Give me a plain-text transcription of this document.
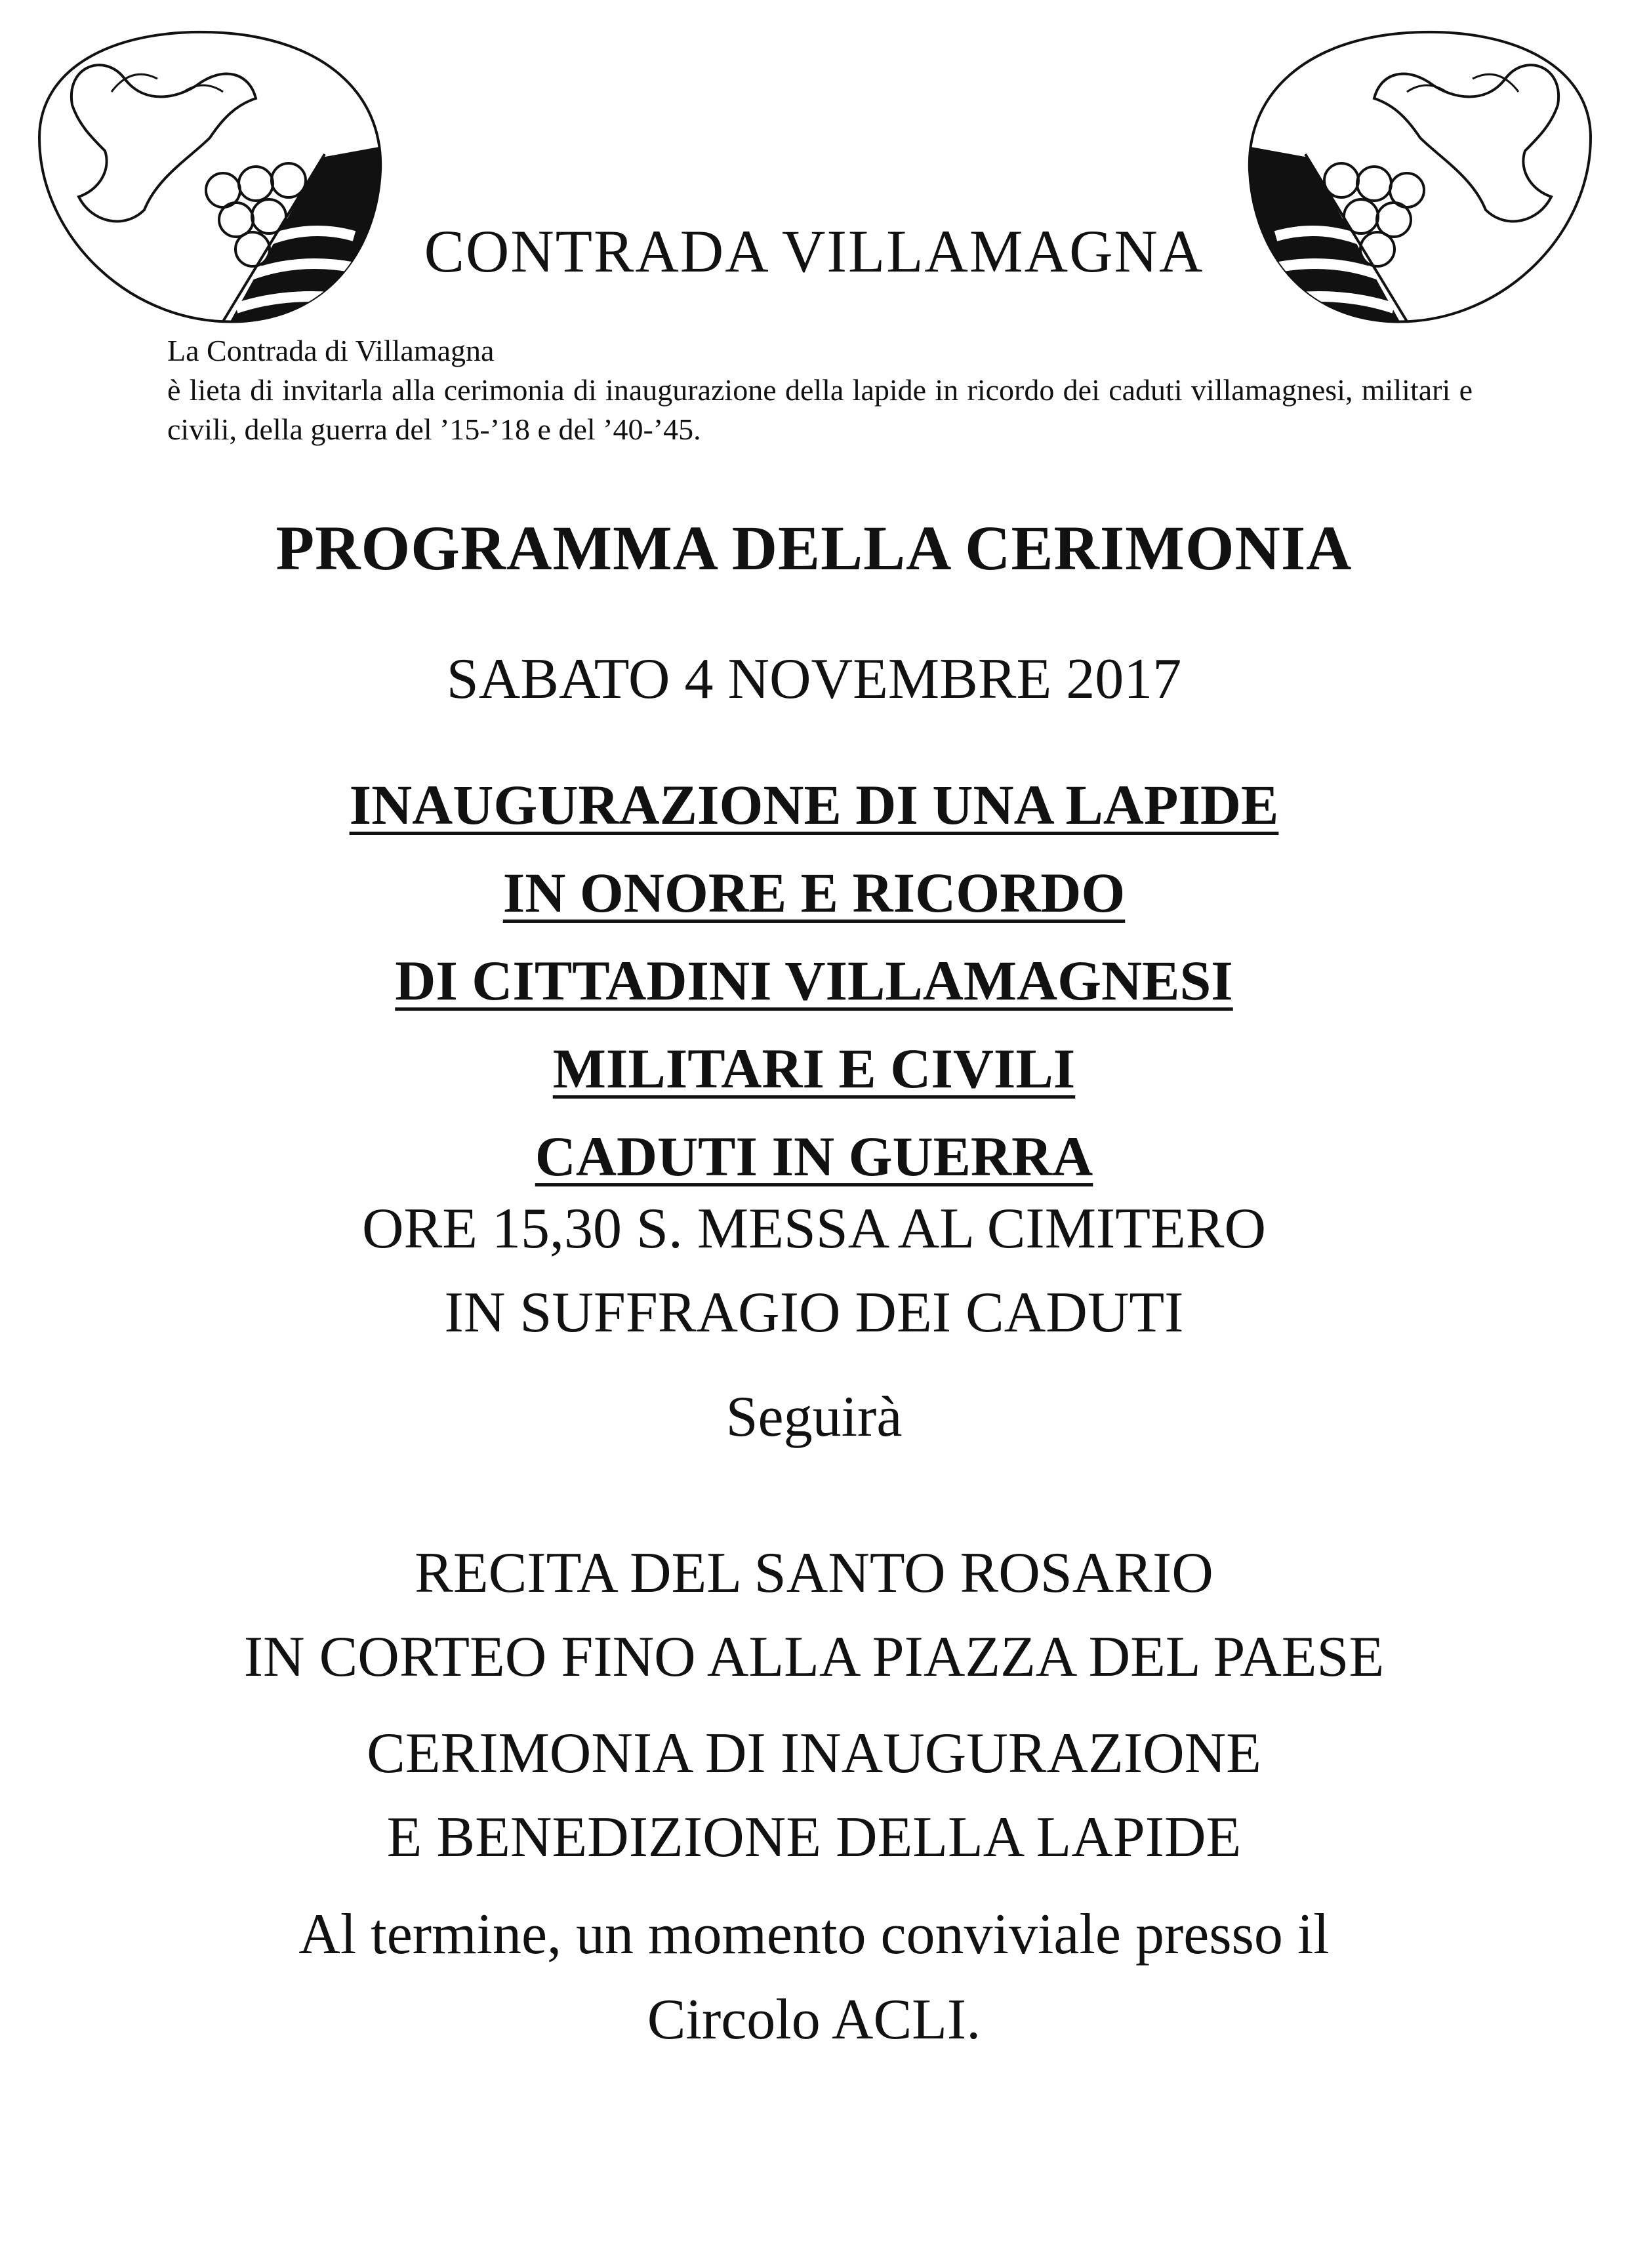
CONTRADA VILLAMAGNA

La Contrada di Villamagna

è lieta di invitarla alla cerimonia di inaugurazione della lapide in ricordo dei caduti villamagnesi, militari e civili, della guerra del ’15-’18 e del ’40-’45.

PROGRAMMA DELLA CERIMONIA
SABATO 4 NOVEMBRE 2017
INAUGURAZIONE DI UNA LAPIDE
IN ONORE E RICORDO
DI CITTADINI VILLAMAGNESI
MILITARI E CIVILI
CADUTI IN GUERRA
ORE 15,30 S. MESSA AL CIMITERO
IN SUFFRAGIO DEI CADUTI
Seguirà
RECITA DEL SANTO ROSARIO
IN CORTEO FINO ALLA PIAZZA DEL PAESE
CERIMONIA DI INAUGURAZIONE
E BENEDIZIONE DELLA LAPIDE
Al termine, un momento conviviale presso il
Circolo ACLI.
